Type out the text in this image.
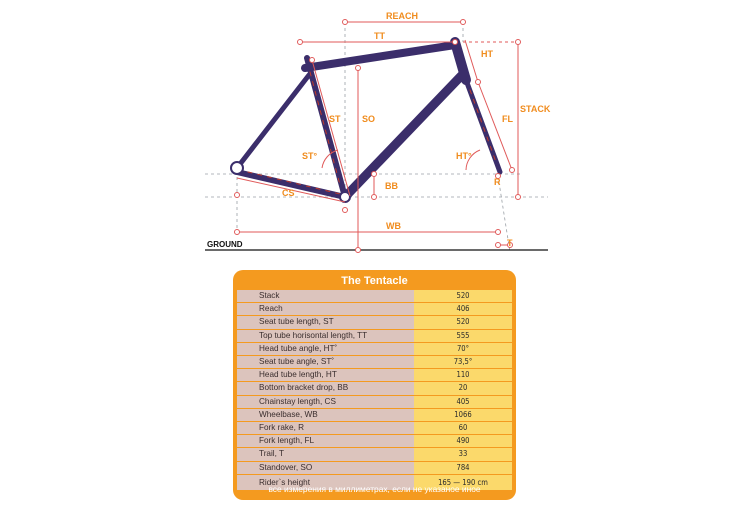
GROUND
REACH
TT
HT
STACK
FL
ST SO
ST°	HT°
R
BB
CS
WB
T
The Tentacle
Stack	520
Reach	406
Seat tube length, ST	520
Top tube horisontal length, TT	555
Head tube angle, HT˚	70°
Seat tube angle, ST˚	73,5°
Head tube length, HT	110
Bottom bracket drop, BB	20
Chainstay length, CS	405
Wheelbase, WB	1066
Fork rake, R	60
Fork length, FL	490
Trail, T	33
Standover, SO	784
Rider`s height	165 — 190 cm
все измерения в миллиметрах, если не указаное иное
